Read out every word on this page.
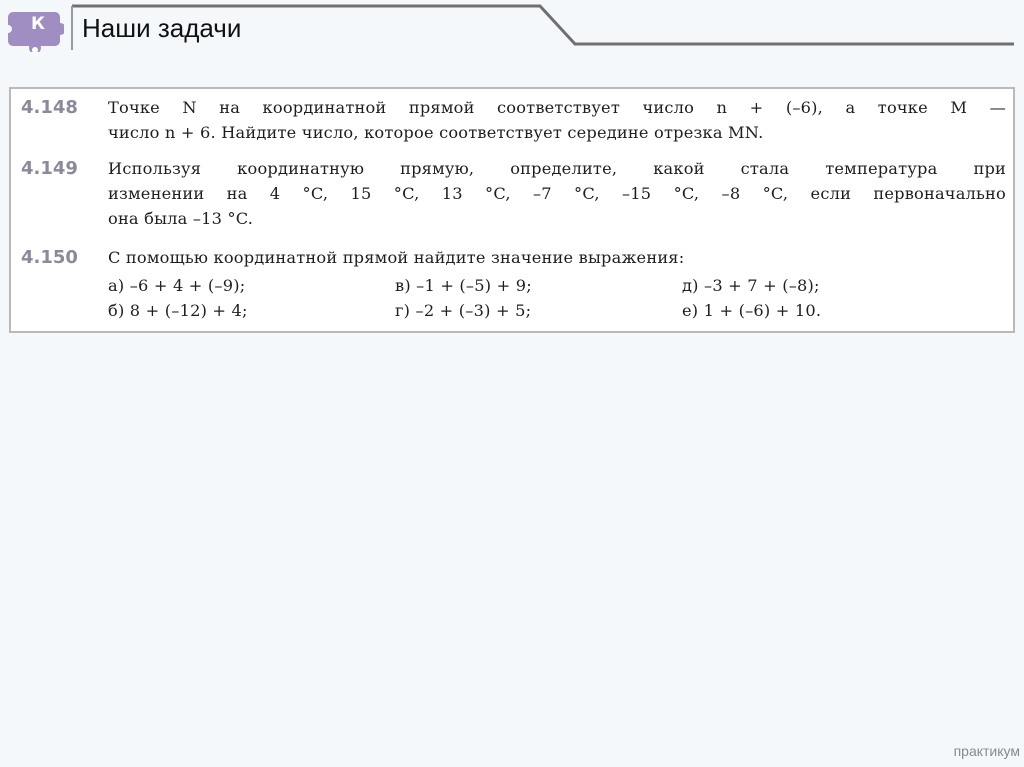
К Наши задачи
4.148 Точке N на координатной прямой соответствует число n + (–6), а точке M —
число n + 6. Найдите число, которое соответствует середине отрезка MN.
4.149 Используя координатную прямую, определите, какой стала температура при
изменении на 4 °C, 15 °C, 13 °C, –7 °C, –15 °C, –8 °C, если первоначально
она была –13 °C.
4.150 С помощью координатной прямой найдите значение выражения:
а) –6 + 4 + (–9);	в) –1 + (–5) + 9;	д) –3 + 7 + (–8);
б) 8 + (–12) + 4;	г) –2 + (–3) + 5;	е) 1 + (–6) + 10.
практикум
